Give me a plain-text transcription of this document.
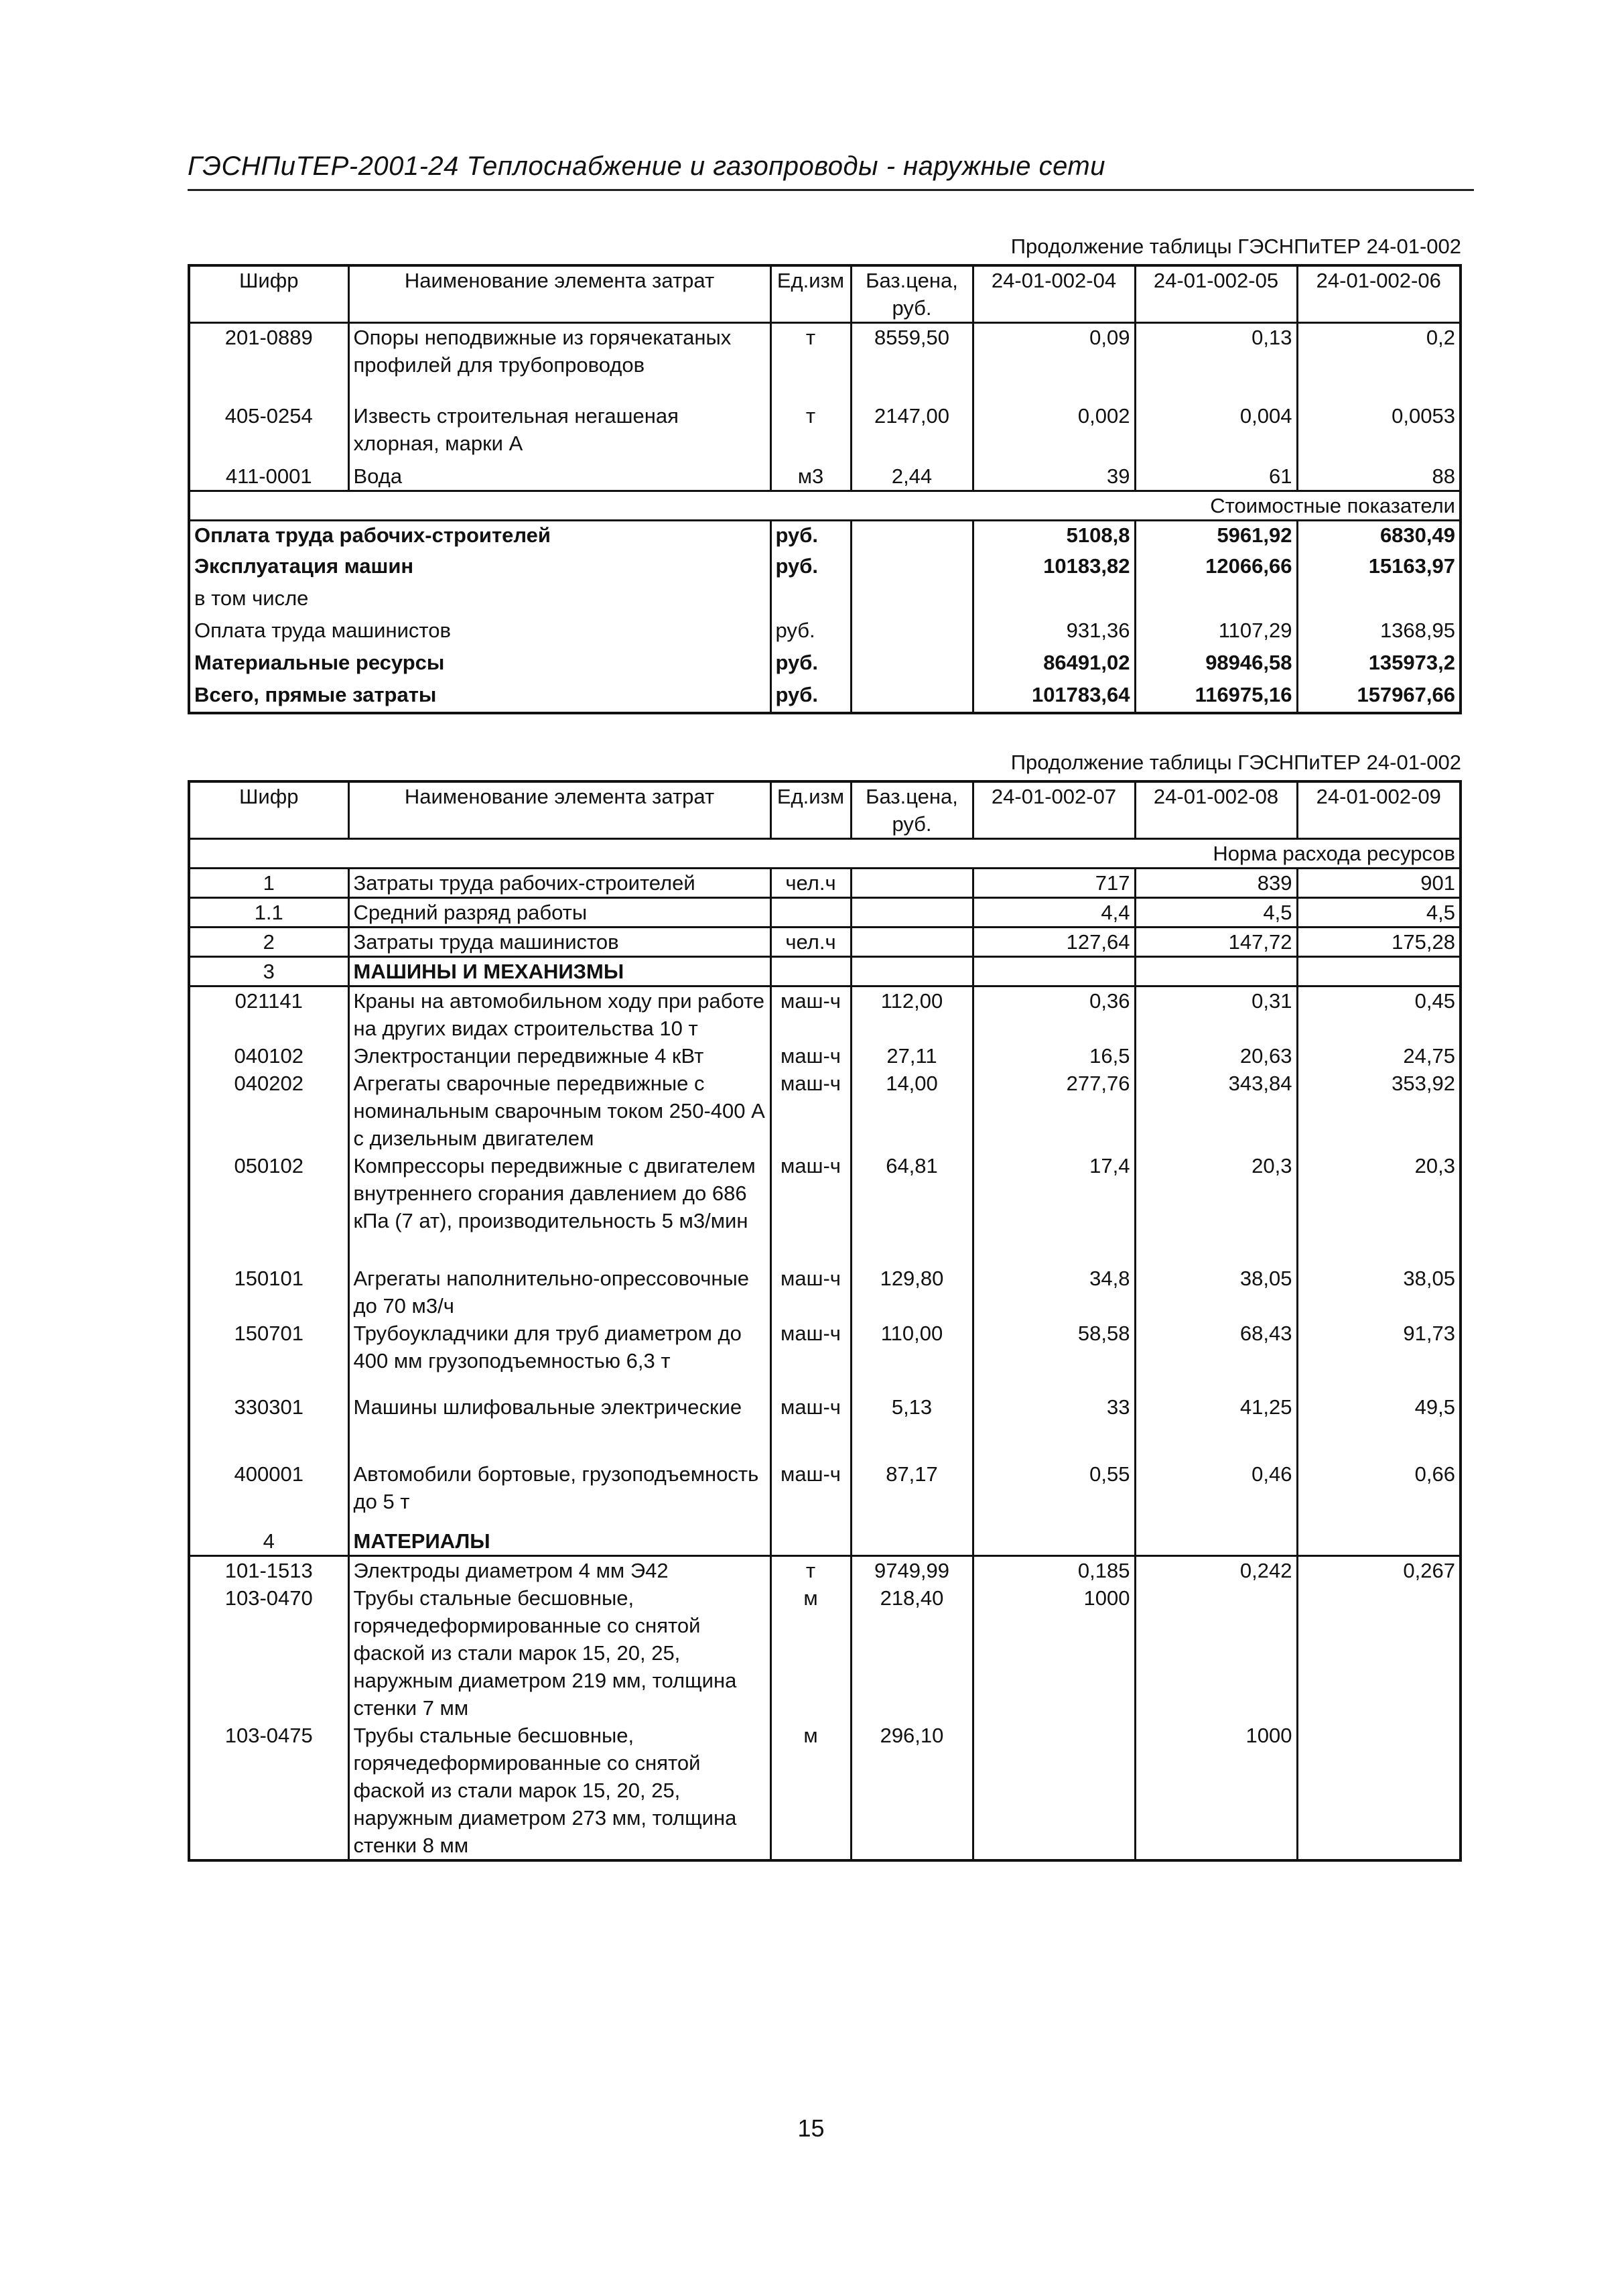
ГЭСНПиТЕР-2001-24 Теплоснабжение и газопроводы - наружные сети
Продолжение таблицы ГЭСНПиТЕР 24-01-002
Шифр	Наименование элемента затрат	Ед.изм	Баз.цена, руб.	24-01-002-04	24-01-002-05	24-01-002-06
201-0889	Опоры неподвижные из горячекатаных профилей для трубопроводов	т	8559,50	0,09	0,13	0,2
405-0254	Известь строительная негашеная хлорная, марки А	т	2147,00	0,002	0,004	0,0053
411-0001	Вода	м3	2,44	39	61	88
Стоимостные показатели						
Оплата труда рабочих-строителей		руб.		5108,8	5961,92	6830,49
Эксплуатация машин		руб.		10183,82	12066,66	15163,97
в том числе						
Оплата труда машинистов		руб.		931,36	1107,29	1368,95
Материальные ресурсы		руб.		86491,02	98946,58	135973,2
Всего, прямые затраты		руб.		101783,64	116975,16	157967,66
Продолжение таблицы ГЭСНПиТЕР 24-01-002
Шифр	Наименование элемента затрат	Ед.изм	Баз.цена, руб.	24-01-002-07	24-01-002-08	24-01-002-09
Норма расхода ресурсов						
1	Затраты труда рабочих-строителей	чел.ч		717	839	901
1.1	Средний разряд работы			4,4	4,5	4,5
2	Затраты труда машинистов	чел.ч		127,64	147,72	175,28
3	МАШИНЫ И МЕХАНИЗМЫ					
021141	Краны на автомобильном ходу при работе на других видах строительства 10 т	маш-ч	112,00	0,36	0,31	0,45
040102	Электростанции передвижные 4 кВт	маш-ч	27,11	16,5	20,63	24,75
040202	Агрегаты сварочные передвижные с номинальным сварочным током 250-400 А с дизельным двигателем	маш-ч	14,00	277,76	343,84	353,92
050102	Компрессоры передвижные с двигателем внутреннего сгорания давлением до 686 кПа (7 ат), производительность 5 м3/мин	маш-ч	64,81	17,4	20,3	20,3
150101	Агрегаты наполнительно-опрессовочные до 70 м3/ч	маш-ч	129,80	34,8	38,05	38,05
150701	Трубоукладчики для труб диаметром до 400 мм грузоподъемностью 6,3 т	маш-ч	110,00	58,58	68,43	91,73
330301	Машины шлифовальные электрические	маш-ч	5,13	33	41,25	49,5
400001	Автомобили бортовые, грузоподъемность до 5 т	маш-ч	87,17	0,55	0,46	0,66
4	МАТЕРИАЛЫ					
101-1513	Электроды диаметром 4 мм Э42	т	9749,99	0,185	0,242	0,267
103-0470	Трубы стальные бесшовные, горячедеформированные со снятой фаской из стали марок 15, 20, 25, наружным диаметром 219 мм, толщина стенки 7 мм	м	218,40	1000		
103-0475	Трубы стальные бесшовные, горячедеформированные со снятой фаской из стали марок 15, 20, 25, наружным диаметром 273 мм, толщина стенки 8 мм	м	296,10		1000	
15
